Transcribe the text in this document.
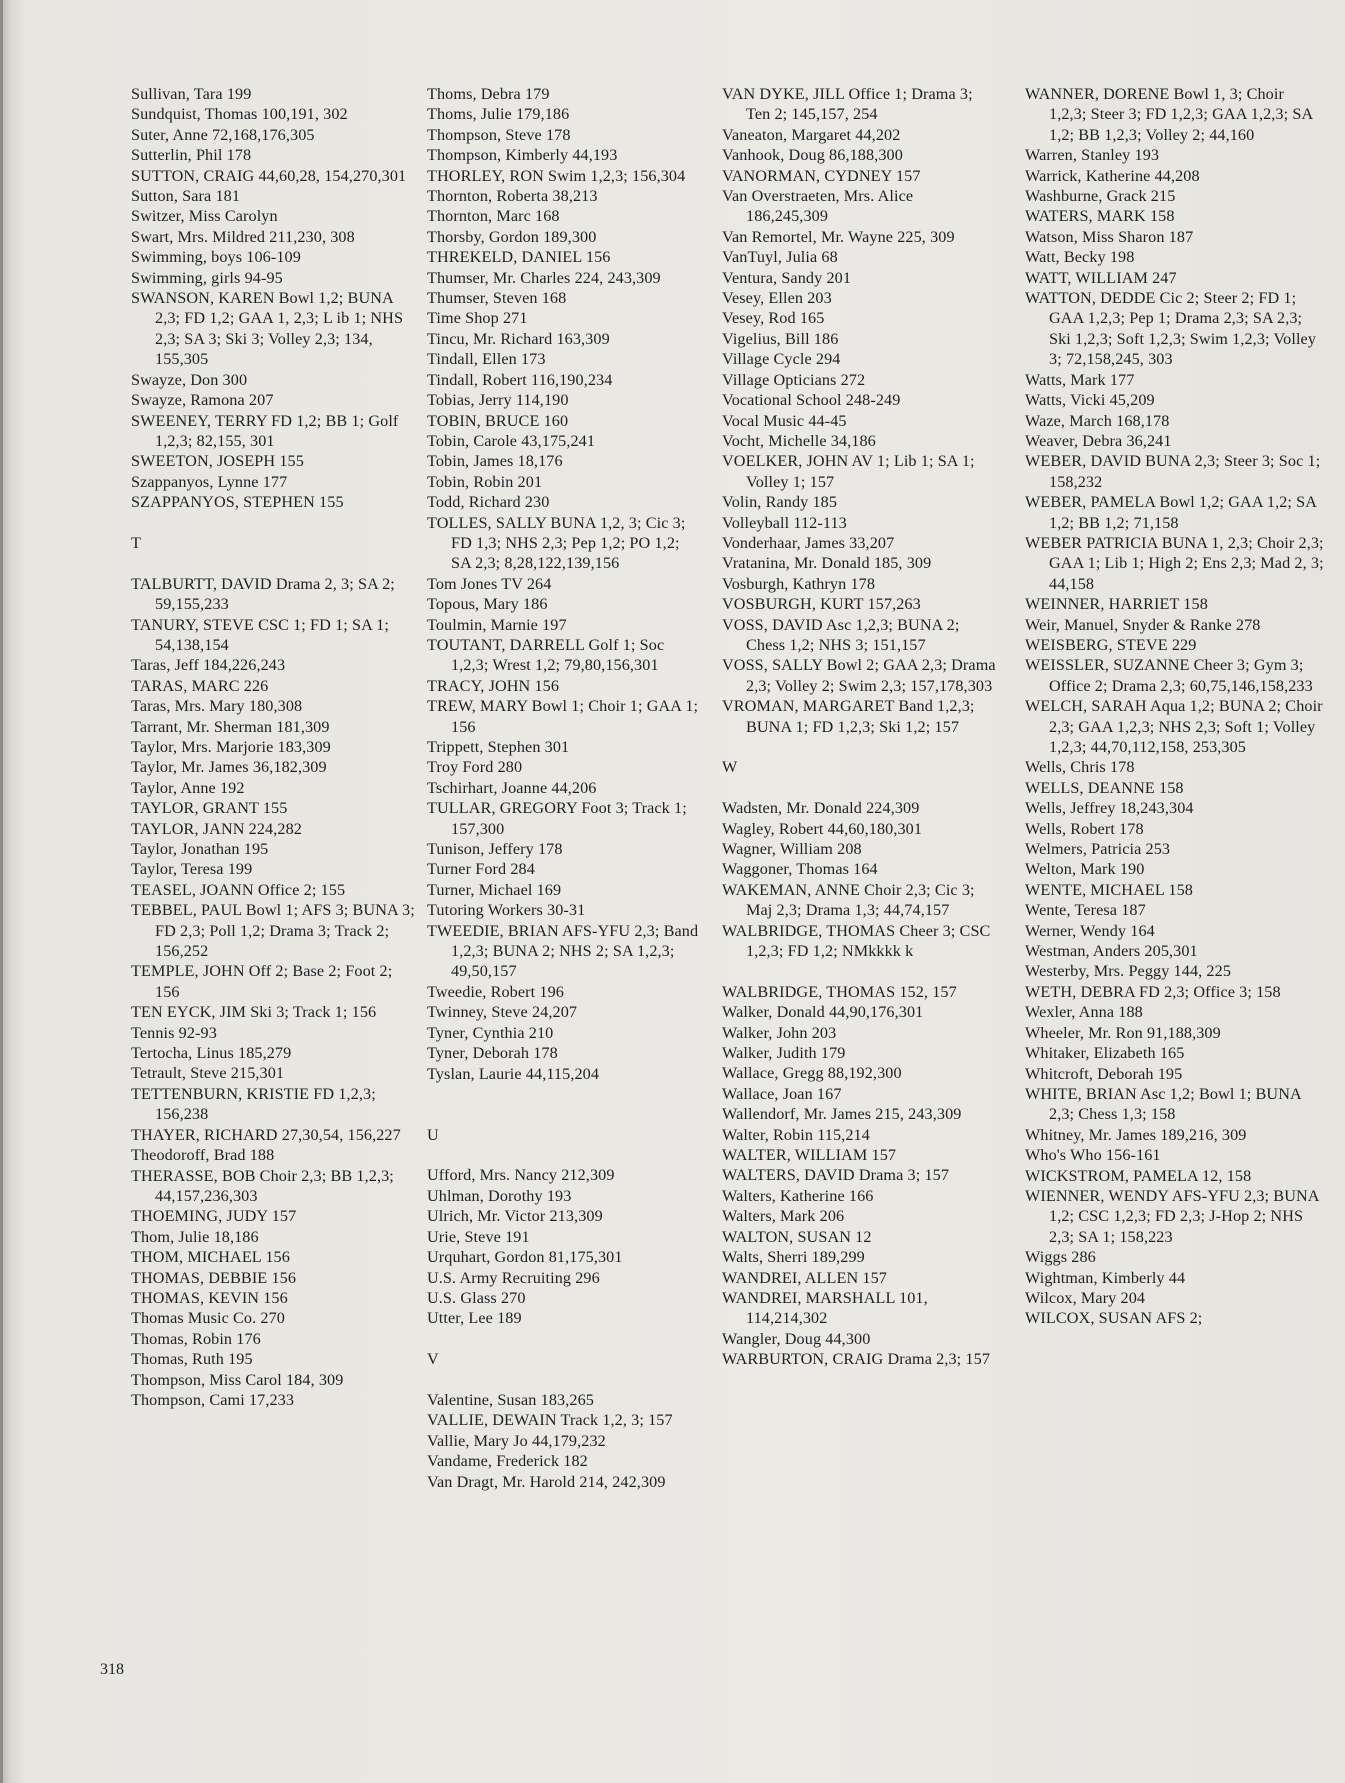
Sullivan, Tara 199

Sundquist, Thomas 100,191, 302

Suter, Anne 72,168,176,305

Sutterlin, Phil 178

SUTTON, CRAIG 44,60,28, 154,270,301

Sutton, Sara 181

Switzer, Miss Carolyn

Swart, Mrs. Mildred 211,230, 308

Swimming, boys 106-109

Swimming, girls 94-95

SWANSON, KAREN Bowl 1,2; BUNA 2,3; FD 1,2; GAA 1, 2,3; L ib 1; NHS 2,3; SA 3; Ski 3; Volley 2,3; 134, 155,305

Swayze, Don 300

Swayze, Ramona 207

SWEENEY, TERRY FD 1,2; BB 1; Golf 1,2,3; 82,155, 301

SWEETON, JOSEPH 155

Szappanyos, Lynne 177

SZAPPANYOS, STEPHEN 155

T

TALBURTT, DAVID Drama 2, 3; SA 2; 59,155,233

TANURY, STEVE CSC 1; FD 1; SA 1; 54,138,154

Taras, Jeff 184,226,243

TARAS, MARC 226

Taras, Mrs. Mary 180,308

Tarrant, Mr. Sherman 181,309

Taylor, Mrs. Marjorie 183,309

Taylor, Mr. James 36,182,309

Taylor, Anne 192

TAYLOR, GRANT 155

TAYLOR, JANN 224,282

Taylor, Jonathan 195

Taylor, Teresa 199

TEASEL, JOANN Office 2; 155

TEBBEL, PAUL Bowl 1; AFS 3; BUNA 3; FD 2,3; Poll 1,2; Drama 3; Track 2; 156,252

TEMPLE, JOHN Off 2; Base 2; Foot 2; 156

TEN EYCK, JIM Ski 3; Track 1; 156

Tennis 92-93

Tertocha, Linus 185,279

Tetrault, Steve 215,301

TETTENBURN, KRISTIE FD 1,2,3; 156,238

THAYER, RICHARD 27,30,54, 156,227

Theodoroff, Brad 188

THERASSE, BOB Choir 2,3; BB 1,2,3; 44,157,236,303

THOEMING, JUDY 157

Thom, Julie 18,186

THOM, MICHAEL 156

THOMAS, DEBBIE 156

THOMAS, KEVIN 156

Thomas Music Co. 270

Thomas, Robin 176

Thomas, Ruth 195

Thompson, Miss Carol 184, 309

Thompson, Cami 17,233

Thoms, Debra 179

Thoms, Julie 179,186

Thompson, Steve 178

Thompson, Kimberly 44,193

THORLEY, RON Swim 1,2,3; 156,304

Thornton, Roberta 38,213

Thornton, Marc 168

Thorsby, Gordon 189,300

THREKELD, DANIEL 156

Thumser, Mr. Charles 224, 243,309

Thumser, Steven 168

Time Shop 271

Tincu, Mr. Richard 163,309

Tindall, Ellen 173

Tindall, Robert 116,190,234

Tobias, Jerry 114,190

TOBIN, BRUCE 160

Tobin, Carole 43,175,241

Tobin, James 18,176

Tobin, Robin 201

Todd, Richard 230

TOLLES, SALLY BUNA 1,2, 3; Cic 3; FD 1,3; NHS 2,3; Pep 1,2; PO 1,2; SA 2,3; 8,28,122,139,156

Tom Jones TV 264

Topous, Mary 186

Toulmin, Marnie 197

TOUTANT, DARRELL Golf 1; Soc 1,2,3; Wrest 1,2; 79,80,156,301

TRACY, JOHN 156

TREW, MARY Bowl 1; Choir 1; GAA 1; 156

Trippett, Stephen 301

Troy Ford 280

Tschirhart, Joanne 44,206

TULLAR, GREGORY Foot 3; Track 1; 157,300

Tunison, Jeffery 178

Turner Ford 284

Turner, Michael 169

Tutoring Workers 30-31

TWEEDIE, BRIAN AFS-YFU 2,3; Band 1,2,3; BUNA 2; NHS 2; SA 1,2,3; 49,50,157

Tweedie, Robert 196

Twinney, Steve 24,207

Tyner, Cynthia 210

Tyner, Deborah 178

Tyslan, Laurie 44,115,204

U

Ufford, Mrs. Nancy 212,309

Uhlman, Dorothy 193

Ulrich, Mr. Victor 213,309

Urie, Steve 191

Urquhart, Gordon 81,175,301

U.S. Army Recruiting 296

U.S. Glass 270

Utter, Lee 189

V

Valentine, Susan 183,265

VALLIE, DEWAIN Track 1,2, 3; 157

Vallie, Mary Jo 44,179,232

Vandame, Frederick 182

Van Dragt, Mr. Harold 214, 242,309

VAN DYKE, JILL Office 1; Drama 3; Ten 2; 145,157, 254

Vaneaton, Margaret 44,202

Vanhook, Doug 86,188,300

VANORMAN, CYDNEY 157

Van Overstraeten, Mrs. Alice 186,245,309

Van Remortel, Mr. Wayne 225, 309

VanTuyl, Julia 68

Ventura, Sandy 201

Vesey, Ellen 203

Vesey, Rod 165

Vigelius, Bill 186

Village Cycle 294

Village Opticians 272

Vocational School 248-249

Vocal Music 44-45

Vocht, Michelle 34,186

VOELKER, JOHN AV 1; Lib 1; SA 1; Volley 1; 157

Volin, Randy 185

Volleyball 112-113

Vonderhaar, James 33,207

Vratanina, Mr. Donald 185, 309

Vosburgh, Kathryn 178

VOSBURGH, KURT 157,263

VOSS, DAVID Asc 1,2,3; BUNA 2; Chess 1,2; NHS 3; 151,157

VOSS, SALLY Bowl 2; GAA 2,3; Drama 2,3; Volley 2; Swim 2,3; 157,178,303

VROMAN, MARGARET Band 1,2,3; BUNA 1; FD 1,2,3; Ski 1,2; 157

W

Wadsten, Mr. Donald 224,309

Wagley, Robert 44,60,180,301

Wagner, William 208

Waggoner, Thomas 164

WAKEMAN, ANNE Choir 2,3; Cic 3; Maj 2,3; Drama 1,3; 44,74,157

WALBRIDGE, THOMAS Cheer 3; CSC 1,2,3; FD 1,2; NMkkkk k

WALBRIDGE, THOMAS 152, 157

Walker, Donald 44,90,176,301

Walker, John 203

Walker, Judith 179

Wallace, Gregg 88,192,300

Wallace, Joan 167

Wallendorf, Mr. James 215, 243,309

Walter, Robin 115,214

WALTER, WILLIAM 157

WALTERS, DAVID Drama 3; 157

Walters, Katherine 166

Walters, Mark 206

WALTON, SUSAN 12

Walts, Sherri 189,299

WANDREI, ALLEN 157

WANDREI, MARSHALL 101, 114,214,302

Wangler, Doug 44,300

WARBURTON, CRAIG Drama 2,3; 157

WANNER, DORENE Bowl 1, 3; Choir 1,2,3; Steer 3; FD 1,2,3; GAA 1,2,3; SA 1,2; BB 1,2,3; Volley 2; 44,160

Warren, Stanley 193

Warrick, Katherine 44,208

Washburne, Grack 215

WATERS, MARK 158

Watson, Miss Sharon 187

Watt, Becky 198

WATT, WILLIAM 247

WATTON, DEDDE Cic 2; Steer 2; FD 1; GAA 1,2,3; Pep 1; Drama 2,3; SA 2,3; Ski 1,2,3; Soft 1,2,3; Swim 1,2,3; Volley 3; 72,158,245, 303

Watts, Mark 177

Watts, Vicki 45,209

Waze, March 168,178

Weaver, Debra 36,241

WEBER, DAVID BUNA 2,3; Steer 3; Soc 1; 158,232

WEBER, PAMELA Bowl 1,2; GAA 1,2; SA 1,2; BB 1,2; 71,158

WEBER PATRICIA BUNA 1, 2,3; Choir 2,3; GAA 1; Lib 1; High 2; Ens 2,3; Mad 2, 3; 44,158

WEINNER, HARRIET 158

Weir, Manuel, Snyder & Ranke 278

WEISBERG, STEVE 229

WEISSLER, SUZANNE Cheer 3; Gym 3; Office 2; Drama 2,3; 60,75,146,158,233

WELCH, SARAH Aqua 1,2; BUNA 2; Choir 2,3; GAA 1,2,3; NHS 2,3; Soft 1; Volley 1,2,3; 44,70,112,158, 253,305

Wells, Chris 178

WELLS, DEANNE 158

Wells, Jeffrey 18,243,304

Wells, Robert 178

Welmers, Patricia 253

Welton, Mark 190

WENTE, MICHAEL 158

Wente, Teresa 187

Werner, Wendy 164

Westman, Anders 205,301

Westerby, Mrs. Peggy 144, 225

WETH, DEBRA FD 2,3; Office 3; 158

Wexler, Anna 188

Wheeler, Mr. Ron 91,188,309

Whitaker, Elizabeth 165

Whitcroft, Deborah 195

WHITE, BRIAN Asc 1,2; Bowl 1; BUNA 2,3; Chess 1,3; 158

Whitney, Mr. James 189,216, 309

Who's Who 156-161

WICKSTROM, PAMELA 12, 158

WIENNER, WENDY AFS-YFU 2,3; BUNA 1,2; CSC 1,2,3; FD 2,3; J-Hop 2; NHS 2,3; SA 1; 158,223

Wiggs 286

Wightman, Kimberly 44

Wilcox, Mary 204

WILCOX, SUSAN AFS 2;

318
